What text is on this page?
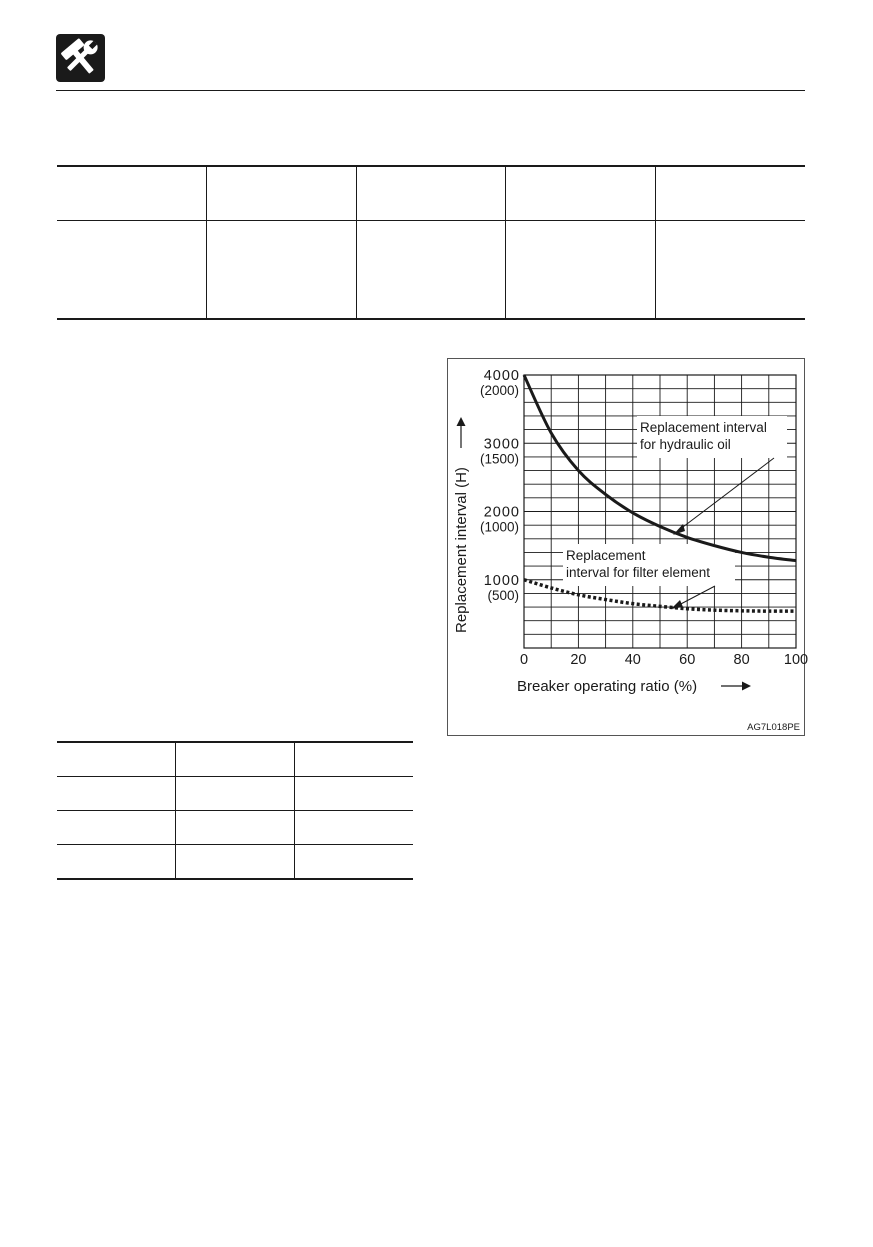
Replacement interval
for hydraulic oil
Replacement
interval for filter element
4000
(2000)
3000
(1500)
2000
(1000)
1000
(500)
0	20	40	60	80 100
Breaker operating ratio (%)
Replacement interval (H)
AG7L018PE
